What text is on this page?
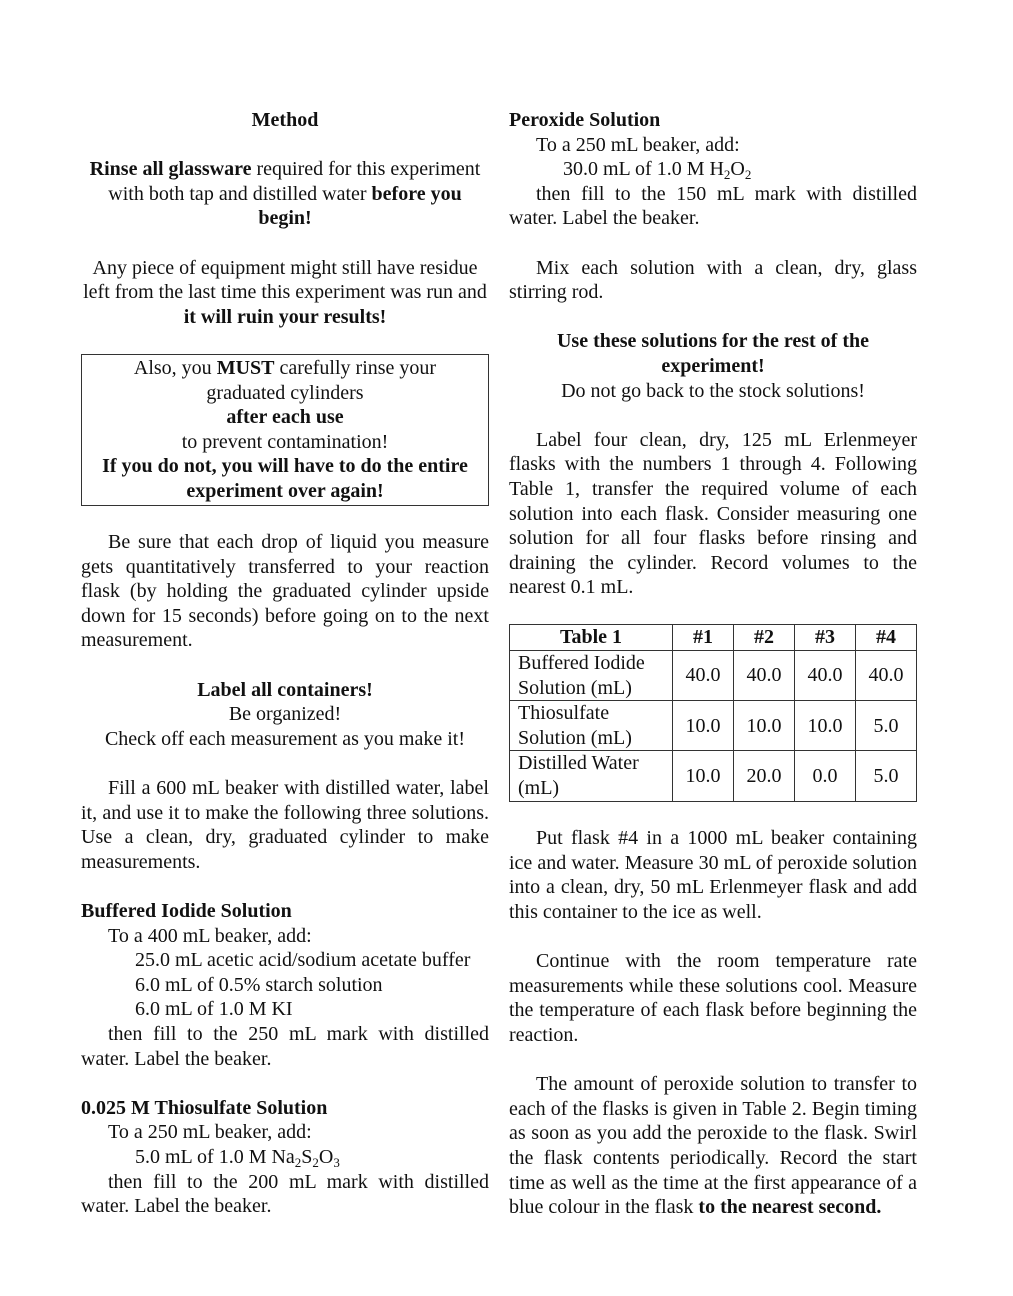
Method

Rinse all glassware required for this experiment with both tap and distilled water before you begin!

Any piece of equipment might still have residue left from the last time this experiment was run and it will ruin your results!

Also, you MUST carefully rinse your

graduated cylinders

after each use

to prevent contamination!

If you do not, you will have to do the entire experiment over again!

Be sure that each drop of liquid you measure gets quantitatively transferred to your reaction flask (by holding the graduated cylinder upside down for 15 seconds) before going on to the next measurement.

Label all containers!

Be organized!

Check off each measurement as you make it!

Fill a 600 mL beaker with distilled water, label it, and use it to make the following three solutions. Use a clean, dry, graduated cylinder to make measurements.

Buffered Iodide Solution

To a 400 mL beaker, add:

25.0 mL acetic acid/sodium acetate buffer

6.0 mL of 0.5% starch solution

6.0 mL of 1.0 M KI

then fill to the 250 mL mark with distilled water. Label the beaker.

0.025 M Thiosulfate Solution

To a 250 mL beaker, add:

5.0 mL of 1.0 M $Na_2S_2O_3$

then fill to the 200 mL mark with distilled water. Label the beaker.

Peroxide Solution

To a 250 mL beaker, add:

30.0 mL of 1.0 M $H_2O_2$

then fill to the 150 mL mark with distilled water. Label the beaker.

Mix each solution with a clean, dry, glass stirring rod.

Use these solutions for the rest of the experiment!

Do not go back to the stock solutions!

Label four clean, dry, 125 mL Erlenmeyer flasks with the numbers 1 through 4. Following Table 1, transfer the required volume of each solution into each flask. Consider measuring one solution for all four flasks before rinsing and draining the cylinder. Record volumes to the nearest 0.1 mL.

Table 1	#1	#2	#3	#4
Buffered Iodide Solution (mL)	40.0	40.0	40.0	40.0
Thiosulfate Solution (mL)	10.0	10.0	10.0	5.0
Distilled Water (mL)	10.0	20.0	0.0	5.0

Put flask #4 in a 1000 mL beaker containing ice and water. Measure 30 mL of peroxide solution into a clean, dry, 50 mL Erlenmeyer flask and add this container to the ice as well.

Continue with the room temperature rate measurements while these solutions cool. Measure the temperature of each flask before beginning the reaction.

The amount of peroxide solution to transfer to each of the flasks is given in Table 2. Begin timing as soon as you add the peroxide to the flask. Swirl the flask contents periodically. Record the start time as well as the time at the first appearance of a blue colour in the flask to the nearest second.
